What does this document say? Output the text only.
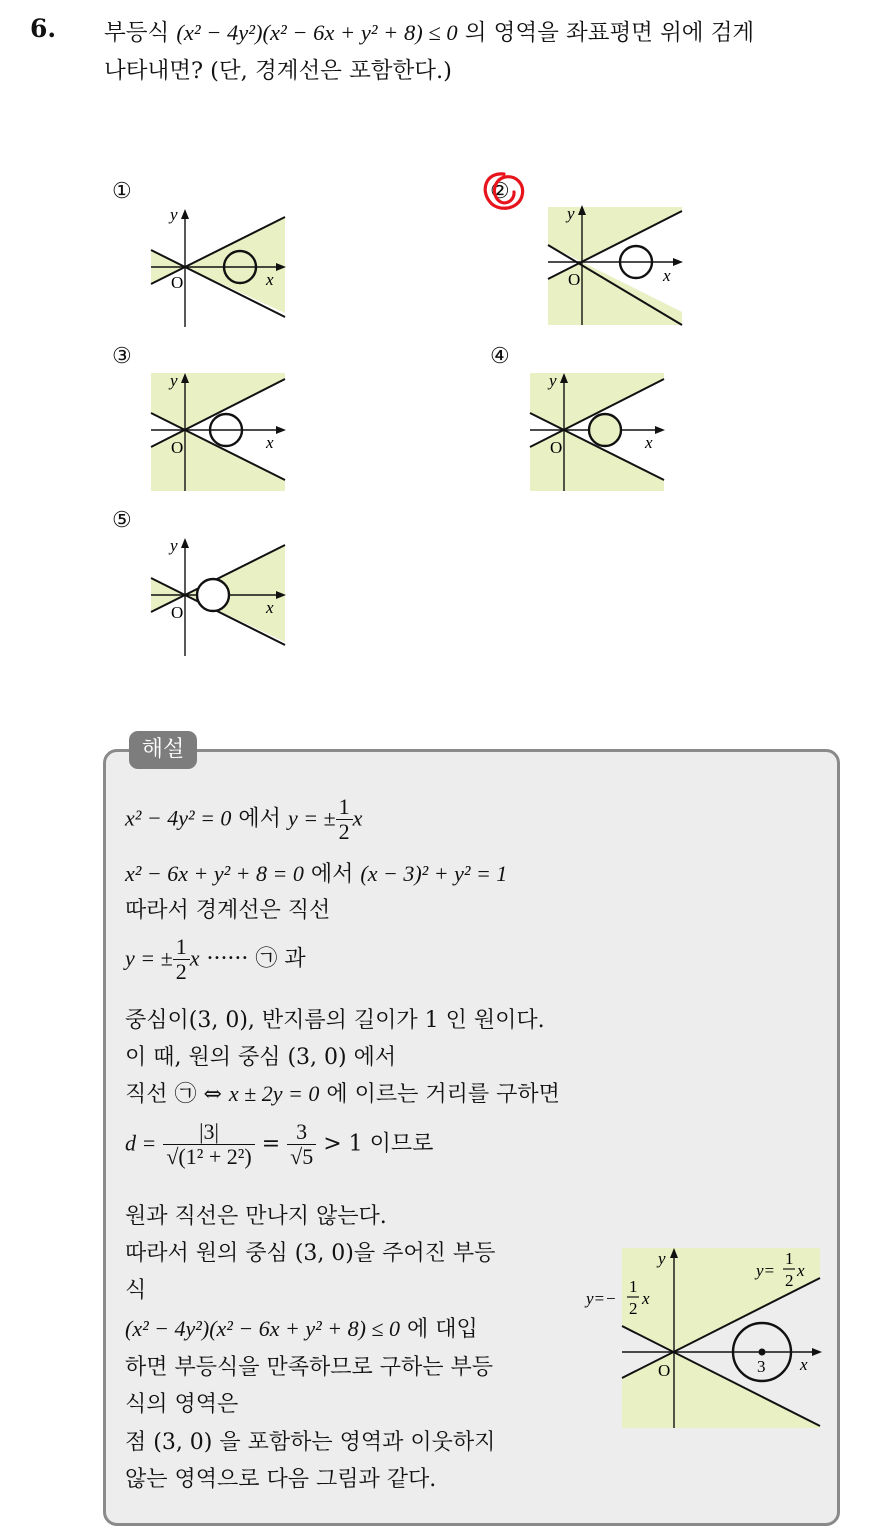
6. 부등식 (x² − 4y²)(x² − 6x + y² + 8) ≤ 0 의 영역을 좌표평면 위에 검게
나타내면? (단, 경계선은 포함한다.)
①	②
③	④
⑤
y
x
O
y
x
O
y
x
O
y
x
O
y
x
O
해설
x² − 4y² = 0 에서 y = ± $\frac{1}{2}$ x
x² − 6x + y² + 8 = 0 에서 (x − 3)² + y² = 1
따라서 경계선은 직선
y = ± $\frac{1}{2}$ x ······ ㉠ 과
중심이(3, 0), 반지름의 길이가 1 인 원이다.
이 때, 원의 중심 (3, 0) 에서
직선 ㉠ ⇔ x ± 2y = 0 에 이르는 거리를 구하면
$d = \frac{|3|}{\text{√(1² + 2²)}} = \frac{3}{√5} > 1$ 이므로
원과 직선은 만나지 않는다.
따라서 원의 중심 (3, 0)을 주어진 부등
식
(x² − 4y²)(x² − 6x + y² + 8) ≤ 0 에 대입
하면 부등식을 만족하므로 구하는 부등
식의 영역은
점 (3, 0) 을 포함하는 영역과 이웃하지
않는 영역으로 다음 그림과 같다.
y
x
O	3
y=
1
2
x
y=−
1
2
x
